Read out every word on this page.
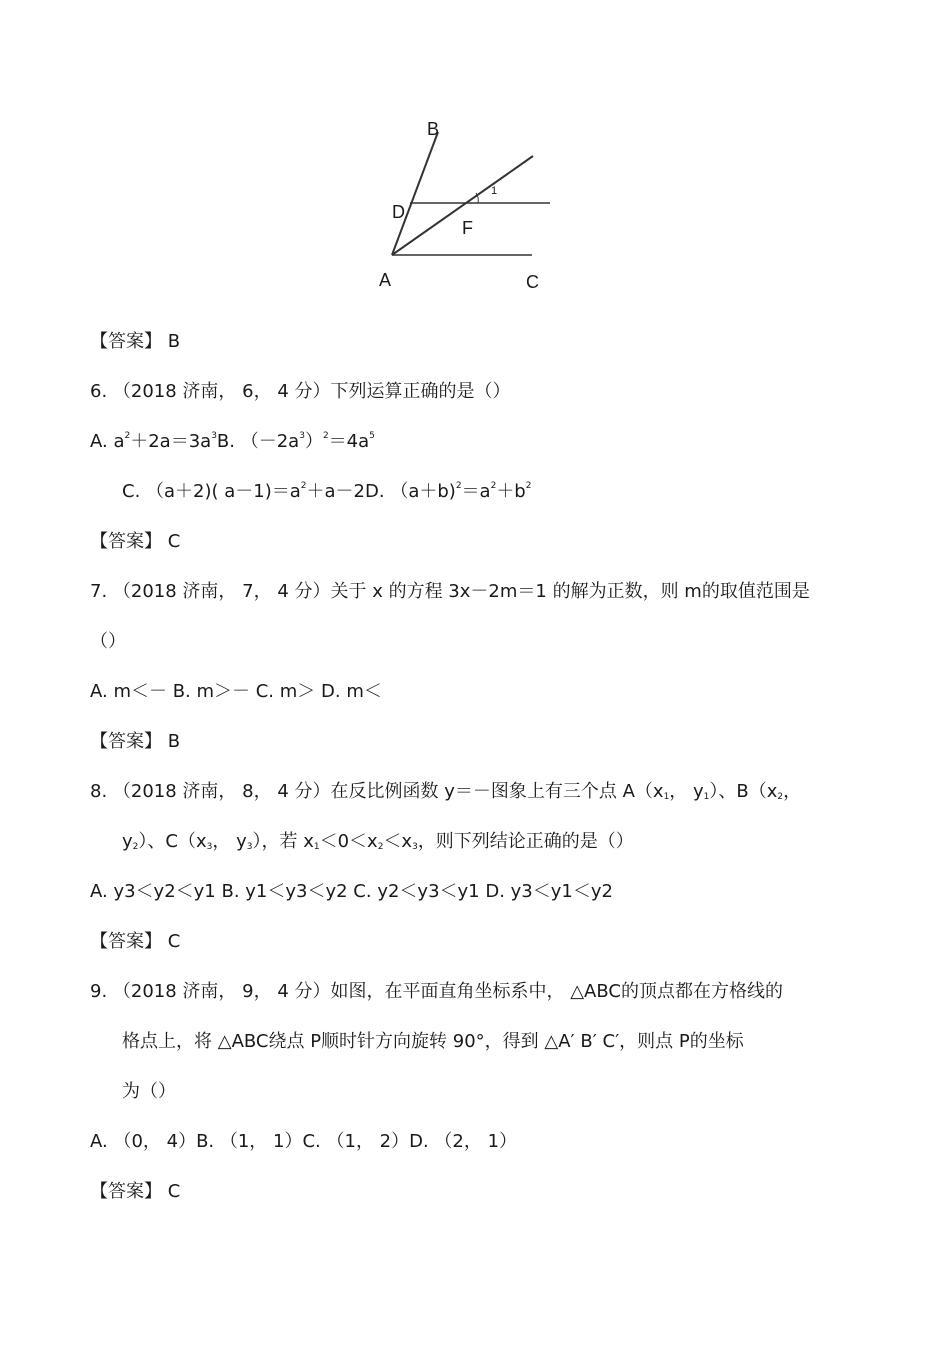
B
D
F
A	C
1
【答案】 B
6. （2018 济南， 6， 4 分）下列运算正确的是（）
A. $a^2+2a=3a^3B$. $(-2a^3)^2=4a^5$
C. （a＋2)( $a-1)=a^2+a-2D$. $(a+b)^2=a^2+b^2$
【答案】 C
7. （2018 济南， 7， 4 分）关于 x 的方程 3x－2m＝1 的解为正数，则 m的取值范围是
（）
A. m＜－ B. m＞－ C. m＞ D. m＜
【答案】 B
8. （2018 济南， 8， 4 分）在反比例函数 y＝－图象上有三个点 $A(x_1$， $y_1$）、$B(x_2$，
$y_2$）、$C(x_3$， $y_3$），若 $x_1<0<x_2<x_3$，则下列结论正确的是（）
A. y3＜y2＜y1 B. y1＜y3＜y2 C. y2＜y3＜y1 D. y3＜y1＜y2
【答案】 C
9. （2018 济南， 9， 4 分）如图，在平面直角坐标系中， △ABC的顶点都在方格线的
格点上，将 △ABC绕点 P顺时针方向旋转 90°，得到 △A′ B′ C′，则点 P的坐标
为（）
A. （0， 4）B. （1， 1）C. （1， 2）D. （2， 1）
【答案】 C
